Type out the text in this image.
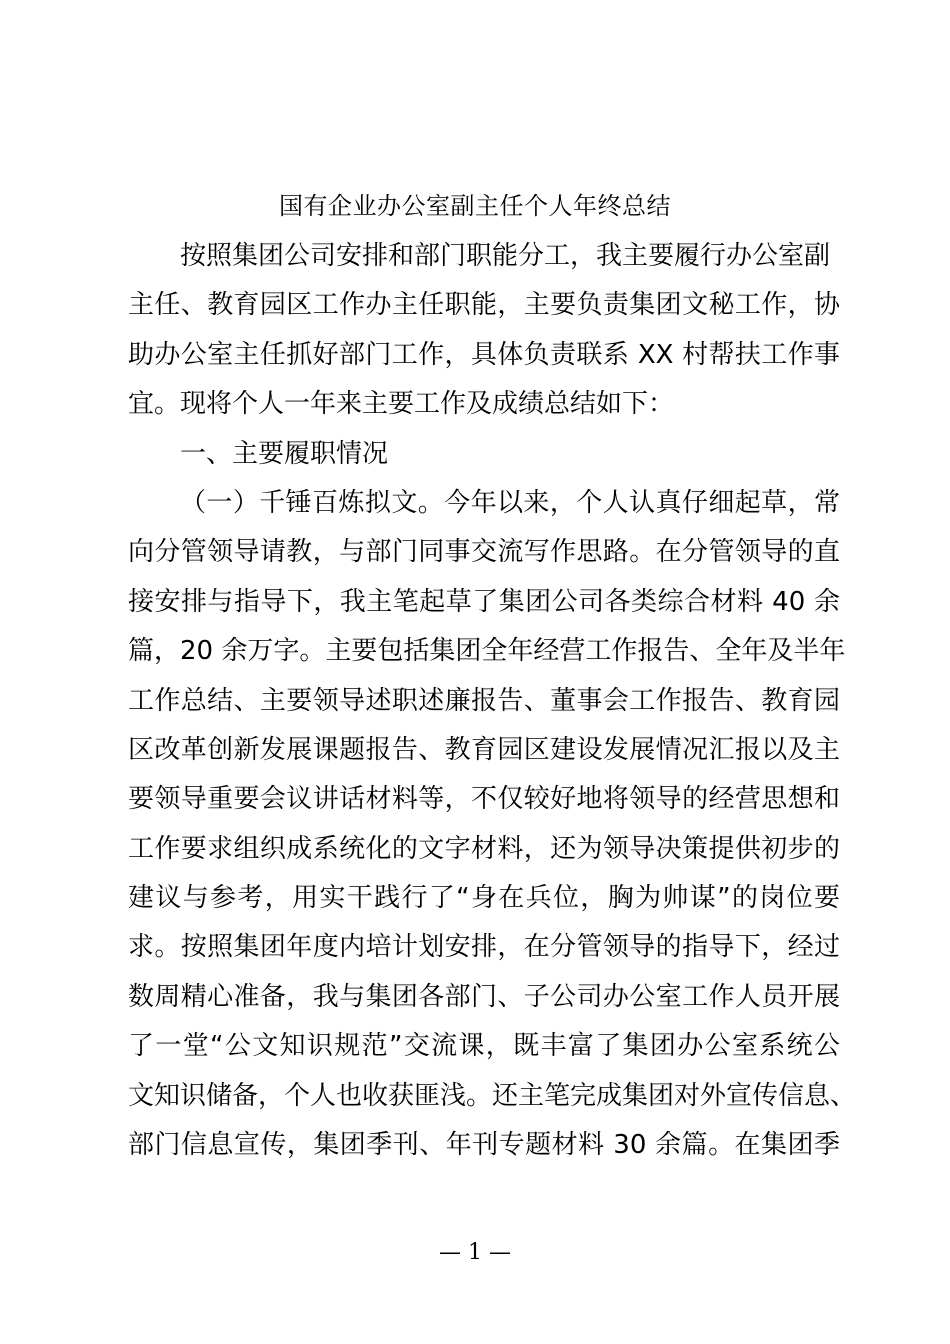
国有企业办公室副主任个人年终总结
按照集团公司安排和部门职能分工，我主要履行办公室副
主任、教育园区工作办主任职能，主要负责集团文秘工作，协
助办公室主任抓好部门工作，具体负责联系 XX 村帮扶工作事
宜。现将个人一年来主要工作及成绩总结如下：
一、主要履职情况
（一）千锤百炼拟文。今年以来，个人认真仔细起草，常
向分管领导请教，与部门同事交流写作思路。在分管领导的直
接安排与指导下，我主笔起草了集团公司各类综合材料 40 余
篇，20 余万字。主要包括集团全年经营工作报告、全年及半年
工作总结、主要领导述职述廉报告、董事会工作报告、教育园
区改革创新发展课题报告、教育园区建设发展情况汇报以及主
要领导重要会议讲话材料等，不仅较好地将领导的经营思想和
工作要求组织成系统化的文字材料，还为领导决策提供初步的
建议与参考，用实干践行了“身在兵位，胸为帅谋”的岗位要
求。按照集团年度内培计划安排，在分管领导的指导下，经过
数周精心准备，我与集团各部门、子公司办公室工作人员开展
了一堂“公文知识规范”交流课，既丰富了集团办公室系统公
文知识储备，个人也收获匪浅。还主笔完成集团对外宣传信息、
部门信息宣传，集团季刊、年刊专题材料 30 余篇。在集团季
— 1 —
